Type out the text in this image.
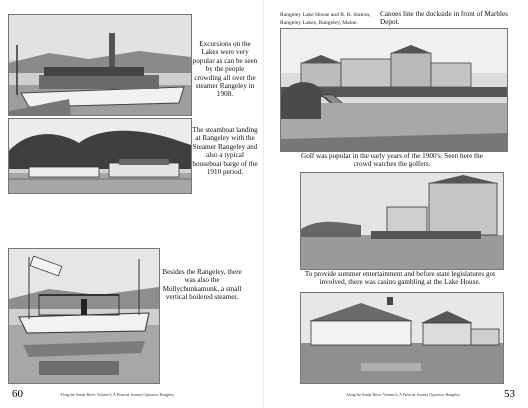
Excursions on the Lakes were very popular as can be seen by the people crowding all over the steamer Rangeley in 1908.
The steamboat landing at Rangeley with the Steamer Rangeley and also a typical houseboat barge of the 1910 period.
Besides the Rangeley, there was also the Mollychunkamunk, a small vertical boilered steamer.
60	Along the Sandy River: Volume 6, A Pictorial Journey Oquossoc-Rangeley
Rangeley Lake House and R. R. Station,
Rangeley Lakes, Rangeley, Maine.
Canoes line the dockside in front of Marbles Depot.
Golf was popular in the early years of the 1900's. Seen here the crowd watches the golfers.
To provide summer entertainment and before state legislatures got involved, there was casino gambling at the Lake House.
Along the Sandy River: Volume 6, A Pictorial Journey Oquossoc-Rangeley	53
